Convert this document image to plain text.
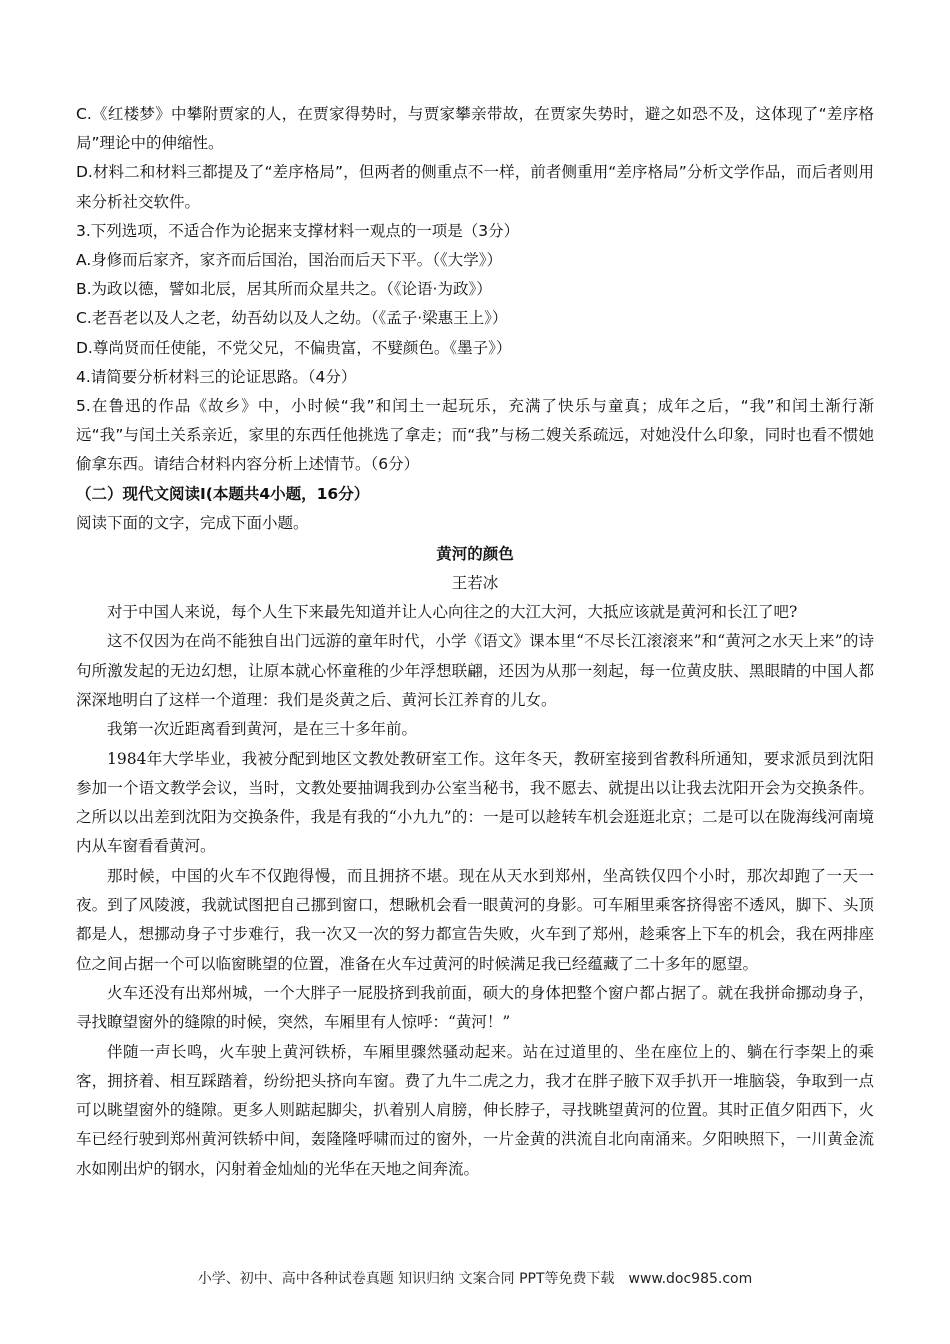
C.《红楼梦》中攀附贾家的人，在贾家得势时，与贾家攀亲带故，在贾家失势时，避之如恐不及，这体现了“差序格局”理论中的伸缩性。

D.材料二和材料三都提及了“差序格局”，但两者的侧重点不一样，前者侧重用“差序格局”分析文学作品，而后者则用来分析社交软件。

3.下列选项，不适合作为论据来支撑材料一观点的一项是（3分）

A.身修而后家齐，家齐而后国治，国治而后天下平。（《大学》）

B.为政以德，譬如北辰，居其所而众星共之。（《论语·为政》）

C.老吾老以及人之老，幼吾幼以及人之幼。（《孟子·梁惠王上》）

D.尊尚贤而任使能，不党父兄，不偏贵富，不嬖颜色。《墨子》）

4.请简要分析材料三的论证思路。（4分）

5.在鲁迅的作品《故乡》中，小时候“我”和闰土一起玩乐，充满了快乐与童真；成年之后，“我”和闰土渐行渐远“我”与闰土关系亲近，家里的东西任他挑选了拿走；而“我”与杨二嫂关系疏远，对她没什么印象，同时也看不惯她偷拿东西。请结合材料内容分析上述情节。（6分）

（二）现代文阅读Ⅰ(本题共4小题，16分）

阅读下面的文字，完成下面小题。

黄河的颜色

王若冰

对于中国人来说，每个人生下来最先知道并让人心向往之的大江大河，大抵应该就是黄河和长江了吧?

这不仅因为在尚不能独自出门远游的童年时代，小学《语文》课本里“不尽长江滚滚来”和“黄河之水天上来”的诗句所激发起的无边幻想，让原本就心怀童稚的少年浮想联翩，还因为从那一刻起，每一位黄皮肤、黑眼睛的中国人都深深地明白了这样一个道理：我们是炎黄之后、黄河长江养育的儿女。

我第一次近距离看到黄河，是在三十多年前。

1984年大学毕业，我被分配到地区文教处教研室工作。这年冬天，教研室接到省教科所通知，要求派员到沈阳参加一个语文教学会议，当时，文教处要抽调我到办公室当秘书，我不愿去、就提出以让我去沈阳开会为交换条件。之所以以出差到沈阳为交换条件，我是有我的“小九九”的：一是可以趁转车机会逛逛北京；二是可以在陇海线河南境内从车窗看看黄河。

那时候，中国的火车不仅跑得慢，而且拥挤不堪。现在从天水到郑州，坐高铁仅四个小时，那次却跑了一天一夜。到了风陵渡，我就试图把自己挪到窗口，想瞅机会看一眼黄河的身影。可车厢里乘客挤得密不透风，脚下、头顶都是人，想挪动身子寸步难行，我一次又一次的努力都宣告失败，火车到了郑州，趁乘客上下车的机会，我在两排座位之间占据一个可以临窗眺望的位置，准备在火车过黄河的时候满足我已经蕴藏了二十多年的愿望。

火车还没有出郑州城，一个大胖子一屁股挤到我前面，硕大的身体把整个窗户都占据了。就在我拼命挪动身子，寻找瞭望窗外的缝隙的时候，突然，车厢里有人惊呼：“黄河！”

伴随一声长鸣，火车驶上黄河铁桥，车厢里骤然骚动起来。站在过道里的、坐在座位上的、躺在行李架上的乘客，拥挤着、相互踩踏着，纷纷把头挤向车窗。费了九牛二虎之力，我才在胖子腋下双手扒开一堆脑袋，争取到一点可以眺望窗外的缝隙。更多人则踮起脚尖，扒着别人肩膀，伸长脖子，寻找眺望黄河的位置。其时正值夕阳西下，火车已经行驶到郑州黄河铁轿中间，轰隆隆呼啸而过的窗外，一片金黄的洪流自北向南涌来。夕阳映照下，一川黄金流水如刚出炉的钢水，闪射着金灿灿的光华在天地之间奔流。

小学、初中、高中各种试卷真题 知识归纳 文案合同 PPT等免费下载 www.doc985.com
